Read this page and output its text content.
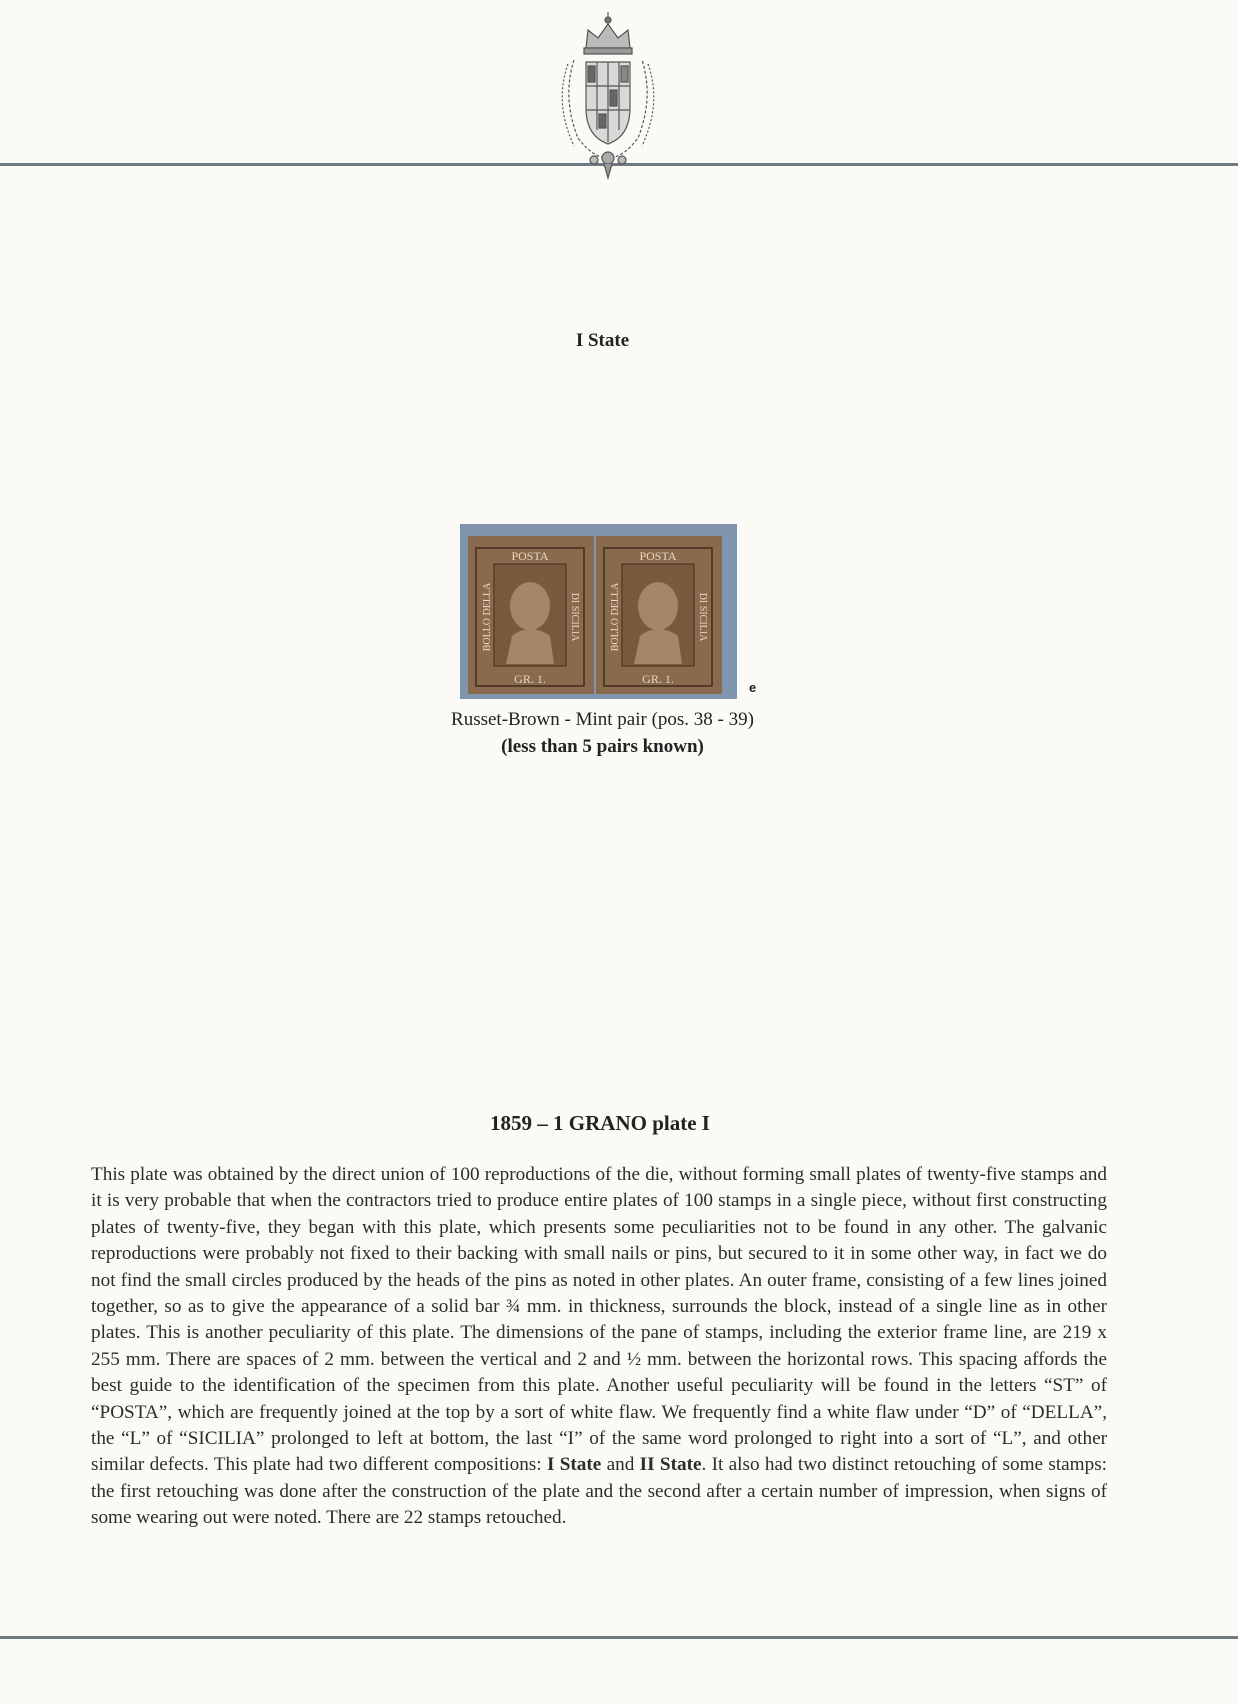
I State
POSTA
GR. 1.
BOLLO DELLA	DI SICILIA
POSTA
GR. 1.
BOLLO DELLA	DI SICILIA
e
Russet-Brown - Mint pair (pos. 38 - 39)
(less than 5 pairs known)
1859 – 1 GRANO plate I
This plate was obtained by the direct union of 100 reproductions of the die, without forming small plates of twenty-five stamps and it is very probable that when the contractors tried to produce entire plates of 100 stamps in a single piece, without first constructing plates of twenty-five, they began with this plate, which presents some peculiarities not to be found in any other. The galvanic reproductions were probably not fixed to their backing with small nails or pins, but secured to it in some other way, in fact we do not find the small circles produced by the heads of the pins as noted in other plates. An outer frame, consisting of a few lines joined together, so as to give the appearance of a solid bar ¾ mm. in thickness, surrounds the block, instead of a single line as in other plates. This is another peculiarity of this plate. The dimensions of the pane of stamps, including the exterior frame line, are 219 x 255 mm. There are spaces of 2 mm. between the vertical and 2 and ½ mm. between the horizontal rows. This spacing affords the best guide to the identification of the specimen from this plate. Another useful peculiarity will be found in the letters “ST” of “POSTA”, which are frequently joined at the top by a sort of white flaw. We frequently find a white flaw under “D” of “DELLA”, the “L” of “SICILIA” prolonged to left at bottom, the last “I” of the same word prolonged to right into a sort of “L”, and other similar defects. This plate had two different compositions: I State and II State. It also had two distinct retouching of some stamps: the first retouching was done after the construction of the plate and the second after a certain number of impression, when signs of some wearing out were noted. There are 22 stamps retouched.
